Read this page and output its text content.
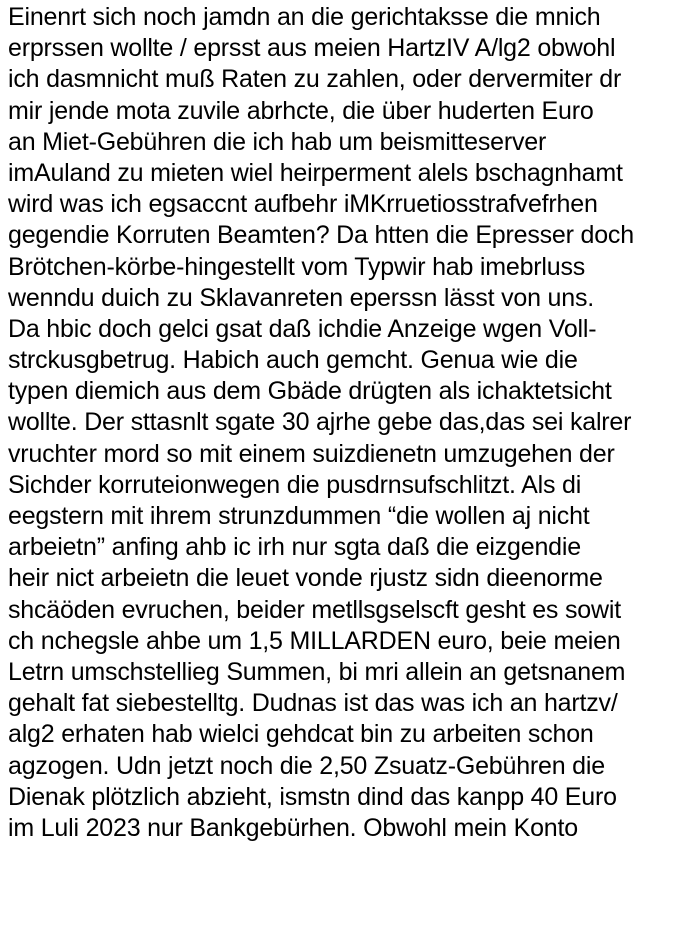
Einenrt sich noch jamdn an die gerichtaksse die mnich
erprssen wollte / eprsst aus meien HartzIV A/lg2 obwohl
ich dasmnicht muß Raten zu zahlen, oder dervermiter dr
mir jende mota zuvile abrhcte, die über huderten Euro
an Miet-Gebühren die ich hab um beismitteserver
imAuland zu mieten wiel heirperment alels bschagnhamt
wird was ich egsaccnt aufbehr iMKrruetiosstrafvefrhen
gegendie Korruten Beamten? Da htten die Epresser doch
Brötchen-körbe-hingestellt vom Typwir hab imebrluss
wenndu duich zu Sklavanreten eperssn lässt von uns.
Da hbic doch gelci gsat daß ichdie Anzeige wgen Voll-
strckusgbetrug. Habich auch gemcht. Genua wie die
typen diemich aus dem Gbäde drügten als ichaktetsicht
wollte. Der sttasnlt sgate 30 ajrhe gebe das,das sei kalrer
vruchter mord so mit einem suizdienetn umzugehen der
Sichder korruteionwegen die pusdrnsufschlitzt. Als di
eegstern mit ihrem strunzdummen “die wollen aj nicht
arbeietn” anfing ahb ic irh nur sgta daß die eizgendie
heir nict arbeietn die leuet vonde rjustz sidn dieenorme
shcäöden evruchen, beider metllsgselscft gesht es sowit
ch nchegsle ahbe um 1,5 MILLARDEN euro, beie meien
Letrn umschstellieg Summen, bi mri allein an getsnanem
gehalt fat siebestelltg. Dudnas ist das was ich an hartzv/
alg2 erhaten hab wielci gehdcat bin zu arbeiten schon
agzogen. Udn jetzt noch die 2,50 Zsuatz-Gebühren die
Dienak plötzlich abzieht, ismstn dind das kanpp 40 Euro
im Luli 2023 nur Bankgebürhen. Obwohl mein Konto
